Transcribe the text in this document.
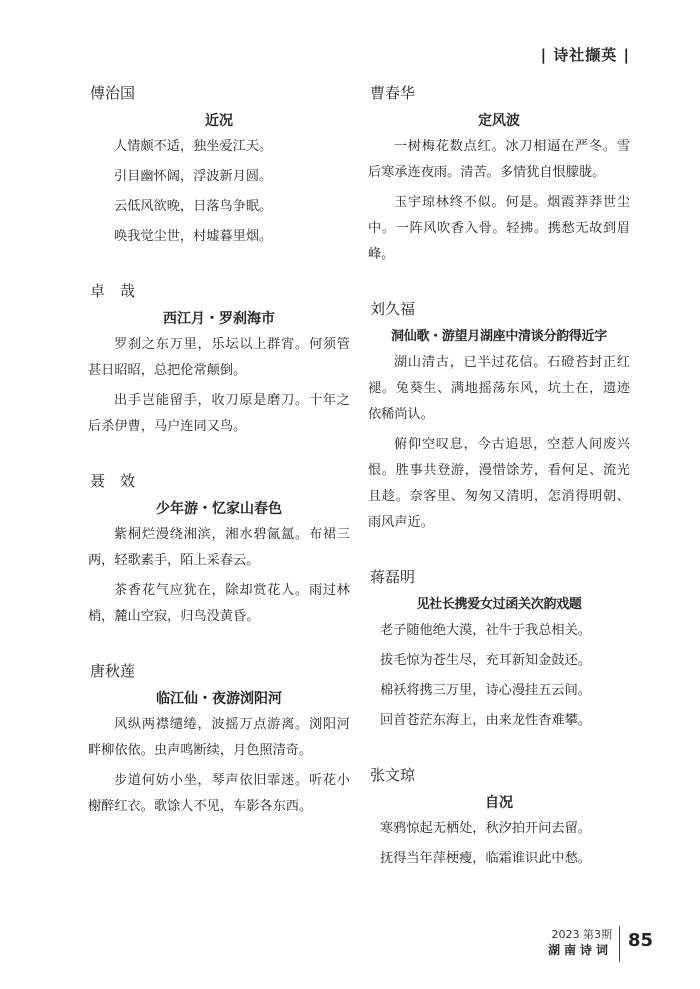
| 诗社撷英 |
傅治国
近况

人情颇不适，独坐爱江天。

引目幽怀阔，浮波新月圆。

云低风欲晚，日落鸟争眠。

唤我觉尘世，村墟暮里烟。

卓　哉
西江月・罗刹海市

罗刹之东万里，乐坛以上群宵。何须管甚日昭昭，总把伦常颠倒。

出手岂能留手，收刀原是磨刀。十年之后杀伊曹，马户连同又鸟。

聂　效
少年游・忆家山春色

紫桐烂漫绕湘滨，湘水碧氤氲。布裙三两，轻歌素手，陌上采春云。

茶香花气应犹在，除却赏花人。雨过林梢，麓山空寂，归鸟没黄昏。

唐秋莲
临江仙・夜游浏阳河

风纵两襟缱绻，波摇万点游离。浏阳河畔柳依依。虫声鸣断续，月色照清奇。

步道何妨小坐，琴声依旧霏迷。听花小榭醉红衣。歌馀人不见，车影各东西。

曹春华
定风波

一树梅花数点红。冰刀相逼在严冬。雪后寒承连夜雨。清苦。多情犹自恨朦胧。

玉宇琼林终不似。何是。烟霞莽莽世尘中。一阵风吹香入骨。轻拂。携愁无故到眉峰。

刘久福
洞仙歌・游望月湖座中清谈分韵得近字

湖山清古，已半过花信。石磴苔封正红褪。兔葵生、满地摇荡东风，坑土在，遗迹依稀尚认。

俯仰空叹息，今古追思，空惹人间废兴恨。胜事共登游，漫惜馀芳，看何足、流光且趁。奈客里、匆匆又清明，怎消得明朝、雨风声近。

蒋磊明
见社长携爱女过函关次韵戏题

老子随他绝大漠，社牛于我总相关。

拔毛惊为苍生尽，充耳新知金鼓还。

棉袄将携三万里，诗心漫挂五云间。

回首苍茫东海上，由来龙性杳难攀。

张文琼
自况

寒鸦惊起无栖处，秋汐拍开问去留。

抚得当年萍梗瘦，临霜谁识此中愁。

2023 第3期
湖南诗词 85
